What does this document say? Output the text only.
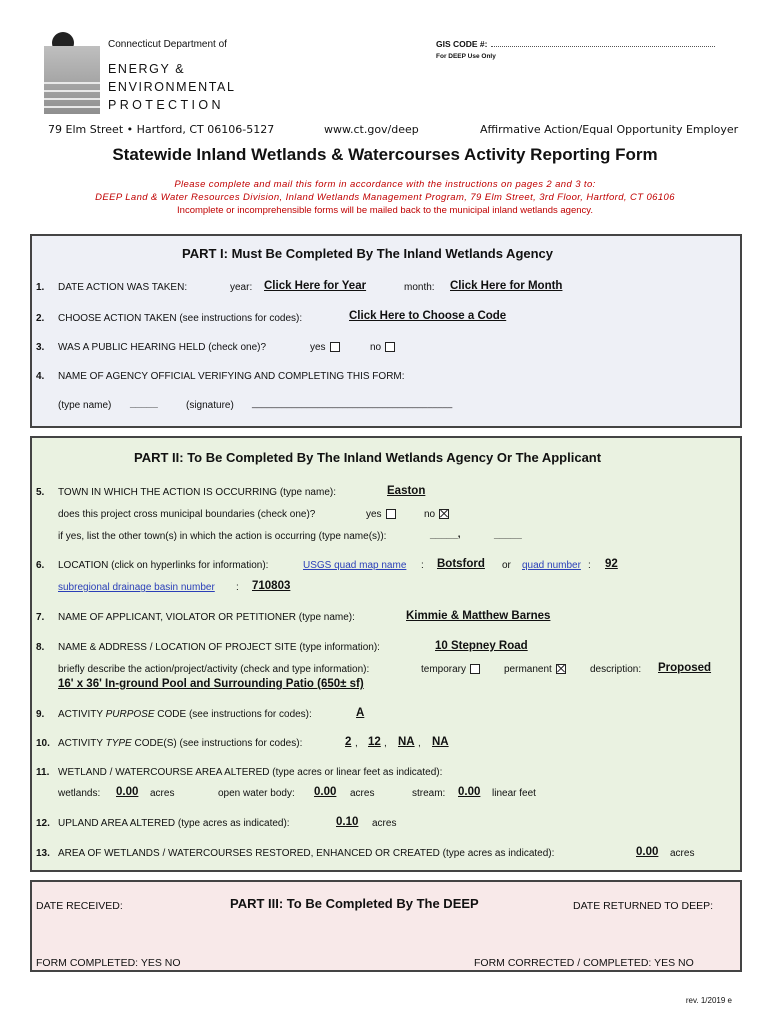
Connecticut Department of
ENERGY &
ENVIRONMENTAL
PROTECTION
GIS CODE #:
For DEEP Use Only
79 Elm Street • Hartford, CT 06106-5127	www.ct.gov/deep	Affirmative Action/Equal Opportunity Employer
Statewide Inland Wetlands & Watercourses Activity Reporting Form
Please complete and mail this form in accordance with the instructions on pages 2 and 3 to:
DEEP Land & Water Resources Division, Inland Wetlands Management Program, 79 Elm Street, 3rd Floor, Hartford, CT 06106
Incomplete or incomprehensible forms will be mailed back to the municipal inland wetlands agency.
PART I: Must Be Completed By The Inland Wetlands Agency
1. DATE ACTION WAS TAKEN:	year: Click Here for Year	month: Click Here for Month
2. CHOOSE ACTION TAKEN (see instructions for codes):	Click Here to Choose a Code
3. WAS A PUBLIC HEARING HELD (check one)?	yes	no
4. NAME OF AGENCY OFFICIAL VERIFYING AND COMPLETING THIS FORM:
(type name) _____	(signature) ________________________________________
PART II: To Be Completed By The Inland Wetlands Agency Or The Applicant
5. TOWN IN WHICH THE ACTION IS OCCURRING (type name):	Easton
does this project cross municipal boundaries (check one)?	yes	no
if yes, list the other town(s) in which the action is occurring (type name(s)):	_____,	_____
6. LOCATION (click on hyperlinks for information):	USGS quad map name : Botsford or quad number : 92
subregional drainage basin number : 710803
7. NAME OF APPLICANT, VIOLATOR OR PETITIONER (type name):	Kimmie & Matthew Barnes
8. NAME & ADDRESS / LOCATION OF PROJECT SITE (type information):	10 Stepney Road
briefly describe the action/project/activity (check and type information):	temporary	permanent	description: Proposed
16' x 36' In-ground Pool and Surrounding Patio (650± sf)
9. ACTIVITY PURPOSE CODE (see instructions for codes):	A
10. ACTIVITY TYPE CODE(S) (see instructions for codes):	2 , 12 , NA , NA
11. WETLAND / WATERCOURSE AREA ALTERED (type acres or linear feet as indicated):
wetlands: 0.00 acres	open water body: 0.00 acres	stream: 0.00 linear feet
12. UPLAND AREA ALTERED (type acres as indicated):	0.10 acres
13. AREA OF WETLANDS / WATERCOURSES RESTORED, ENHANCED OR CREATED (type acres as indicated):	0.00 acres
PART III: To Be Completed By The DEEP
DATE RECEIVED:	DATE RETURNED TO DEEP:
FORM COMPLETED: YES NO	FORM CORRECTED / COMPLETED: YES NO
rev. 1/2019 e
